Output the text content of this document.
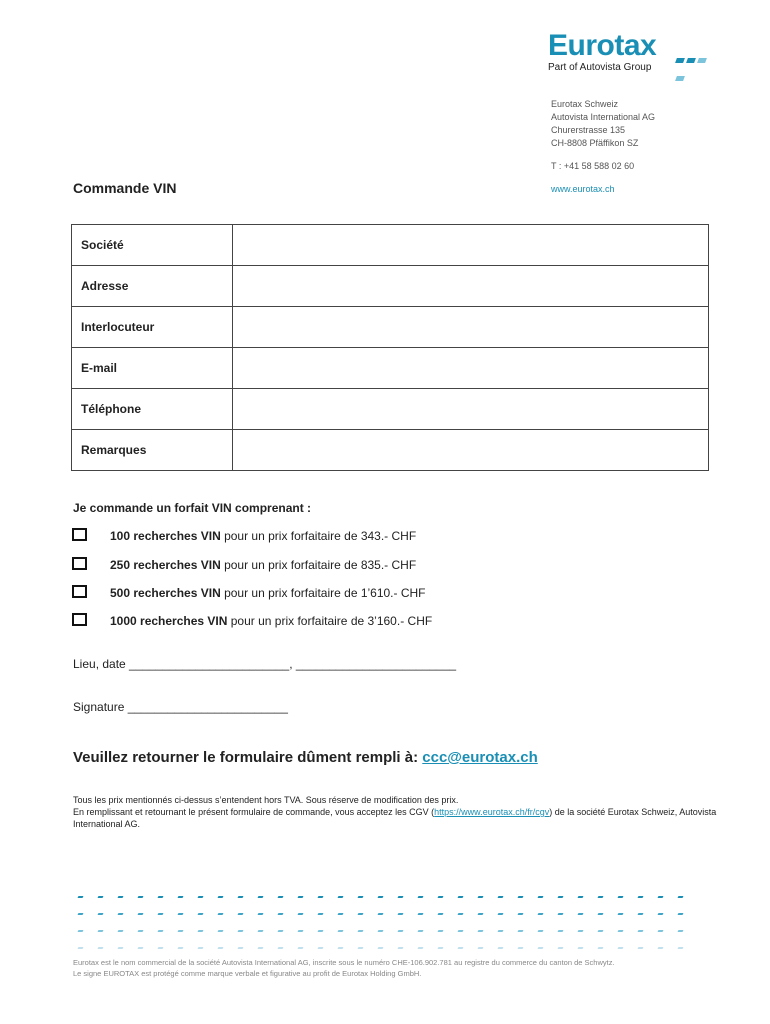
Eurotax
Part of Autovista Group
Eurotax Schweiz
Autovista International AG
Churerstrasse 135
CH-8808 Pfäffikon SZ
T : +41 58 588 02 60
www.eurotax.ch
Commande VIN
Société	
Adresse	
Interlocuteur	
E-mail	
Téléphone	
Remarques	
Je commande un forfait VIN comprenant :
100 recherches VIN pour un prix forfaitaire de 343.- CHF
250 recherches VIN pour un prix forfaitaire de 835.- CHF
500 recherches VIN pour un prix forfaitaire de 1’610.- CHF
1000 recherches VIN pour un prix forfaitaire de 3’160.- CHF
Lieu, date ________________________, ________________________
Signature ________________________
Veuillez retourner le formulaire dûment rempli à: ccc@eurotax.ch
Tous les prix mentionnés ci-dessus s’entendent hors TVA. Sous réserve de modification des prix.
En remplissant et retournant le présent formulaire de commande, vous acceptez les CGV (https://www.eurotax.ch/fr/cgv) de la société Eurotax Schweiz, Autovista International AG.
Eurotax est le nom commercial de la société Autovista International AG, inscrite sous le numéro CHE-106.902.781 au registre du commerce du canton de Schwytz.
Le signe EUROTAX est protégé comme marque verbale et figurative au profit de Eurotax Holding GmbH.
